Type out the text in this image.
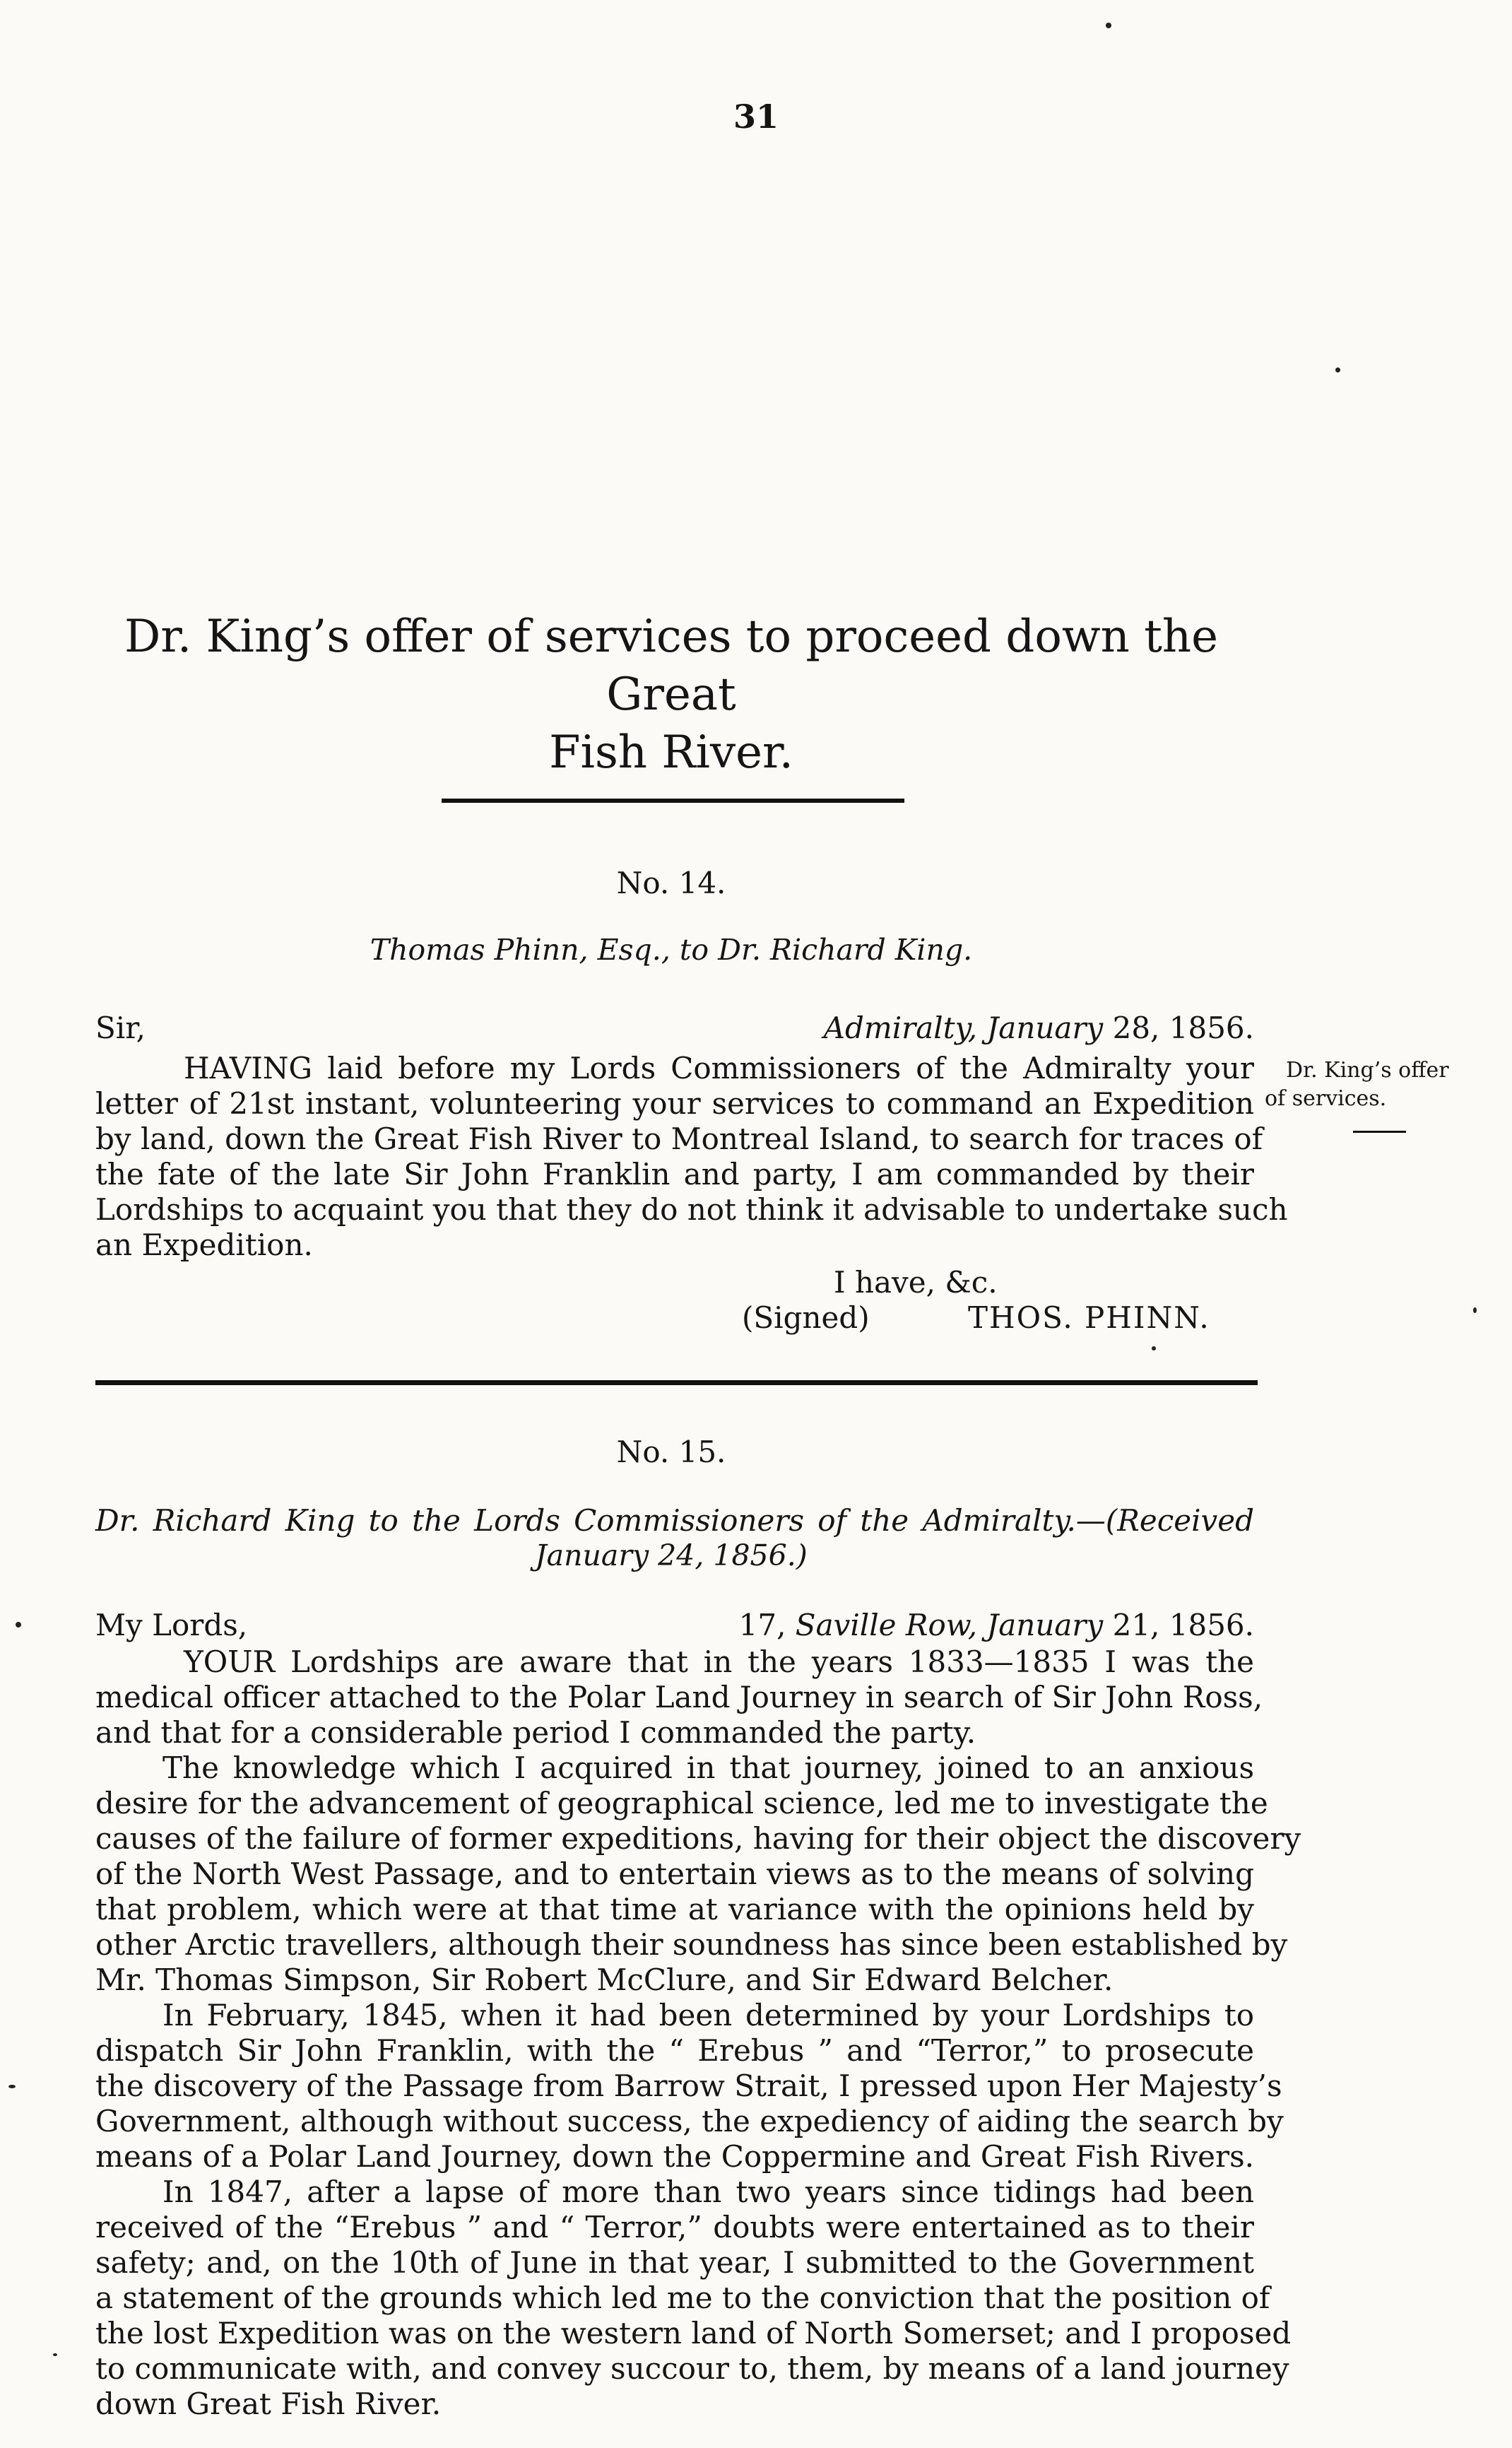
31
Dr. King’s offer of services to proceed down the Great
Fish River.
No. 14.
Thomas Phinn, Esq., to Dr. Richard King.
Sir,	Admiralty, January 28, 1856.
HAVING laid before my Lords Commissioners of the Admiralty your
letter of 21st instant, volunteering your services to command an Expedition
by land, down the Great Fish River to Montreal Island, to search for traces of
the fate of the late Sir John Franklin and party, I am commanded by their
Lordships to acquaint you that they do not think it advisable to undertake such
an Expedition.
I have, &c.
(Signed)	THOS. PHINN.
Dr. King’s offer
of services.
No. 15.
Dr. Richard King to the Lords Commissioners of the Admiralty.—(Received
January 24, 1856.)
My Lords,	17, Saville Row, January 21, 1856.
YOUR Lordships are aware that in the years 1833—1835 I was the
medical officer attached to the Polar Land Journey in search of Sir John Ross,
and that for a considerable period I commanded the party.
The knowledge which I acquired in that journey, joined to an anxious
desire for the advancement of geographical science, led me to investigate the
causes of the failure of former expeditions, having for their object the discovery
of the North West Passage, and to entertain views as to the means of solving
that problem, which were at that time at variance with the opinions held by
other Arctic travellers, although their soundness has since been established by
Mr. Thomas Simpson, Sir Robert McClure, and Sir Edward Belcher.
In February, 1845, when it had been determined by your Lordships to
dispatch Sir John Franklin, with the “ Erebus ” and “Terror,” to prosecute
the discovery of the Passage from Barrow Strait, I pressed upon Her Majesty’s
Government, although without success, the expediency of aiding the search by
means of a Polar Land Journey, down the Coppermine and Great Fish Rivers.
In 1847, after a lapse of more than two years since tidings had been
received of the “Erebus ” and “ Terror,” doubts were entertained as to their
safety; and, on the 10th of June in that year, I submitted to the Government
a statement of the grounds which led me to the conviction that the position of
the lost Expedition was on the western land of North Somerset; and I proposed
to communicate with, and convey succour to, them, by means of a land journey
down Great Fish River.
